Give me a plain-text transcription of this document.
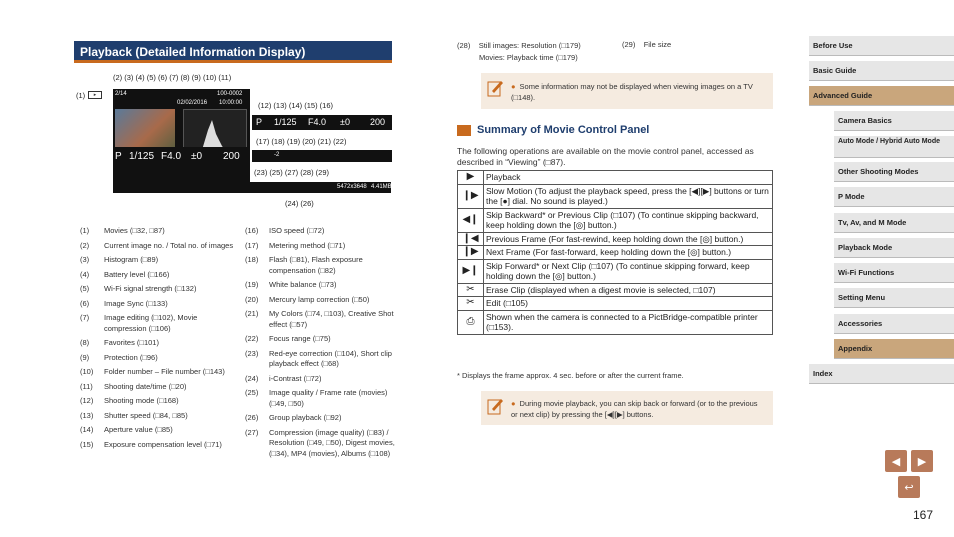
Playback (Detailed Information Display)
(2) (3) (4) (5) (6) (7) (8) (9) (10) (11)
(1)	▸	2/14	100-0002
02/02/2016 10:00:00 (12) (13) (14) (15) (16)
P 1/125 F4.0 ±0 200
(17) (18) (19) (20) (21) (22)
-2
P 1/125 F4.0 ±0 200
(23) (25) (27) (28) (29)
5472x3648 4.41MB
(24) (26)
(1)	Movies (□32, □87)
(2)	Current image no. / Total no. of images
(3)	Histogram (□89)
(4)	Battery level (□166)
(5)	Wi-Fi signal strength (□132)
(6)	Image Sync (□133)
(7)	Image editing (□102), Movie compression (□106)
(8)	Favorites (□101)
(9)	Protection (□96)
(10)	Folder number – File number (□143)
(11)	Shooting date/time (□20)
(12)	Shooting mode (□168)
(13)	Shutter speed (□84, □85)
(14)	Aperture value (□85)
(15)	Exposure compensation level (□71)
(16)	ISO speed (□72)
(17)	Metering method (□71)
(18)	Flash (□81), Flash exposure compensation (□82)
(19)	White balance (□73)
(20)	Mercury lamp correction (□50)
(21)	My Colors (□74, □103), Creative Shot effect (□57)
(22)	Focus range (□75)
(23)	Red-eye correction (□104), Short clip playback effect (□68)
(24)	i-Contrast (□72)
(25)	Image quality / Frame rate (movies) (□49, □50)
(26)	Group playback (□92)
(27)	Compression (image quality) (□83) / Resolution (□49, □50), Digest movies, (□34), MP4 (movies), Albums (□108)
(28) Still images: Resolution (□179)
Movies: Playback time (□179)
(29) File size
● Some information may not be displayed when viewing images on a TV (□148).
Summary of Movie Control Panel
The following operations are available on the movie control panel, accessed as described in “Viewing” (□87).
▶	Playback
❙▶	Slow Motion (To adjust the playback speed, press the [◀][▶] buttons or turn the [●] dial. No sound is played.)
◀❙	Skip Backward* or Previous Clip (□107) (To continue skipping backward, keep holding down the [◎] button.)
❙◀	Previous Frame (For fast-rewind, keep holding down the [◎] button.)
❙▶	Next Frame (For fast-forward, keep holding down the [◎] button.)
▶❙	Skip Forward* or Next Clip (□107) (To continue skipping forward, keep holding down the [◎] button.)
✂	Erase Clip (displayed when a digest movie is selected, □107)
✂	Edit (□105)
⎙	Shown when the camera is connected to a PictBridge-compatible printer (□153).
* Displays the frame approx. 4 sec. before or after the current frame.
● During movie playback, you can skip back or forward (or to the previous or next clip) by pressing the [◀][▶] buttons.
Before Use
Basic Guide
Advanced Guide
Camera Basics
Auto Mode / Hybrid Auto Mode
Other Shooting Modes
P Mode
Tv, Av, and M Mode
Playback Mode
Wi-Fi Functions
Setting Menu
Accessories
Appendix
Index
◀ ▶
↩
167
